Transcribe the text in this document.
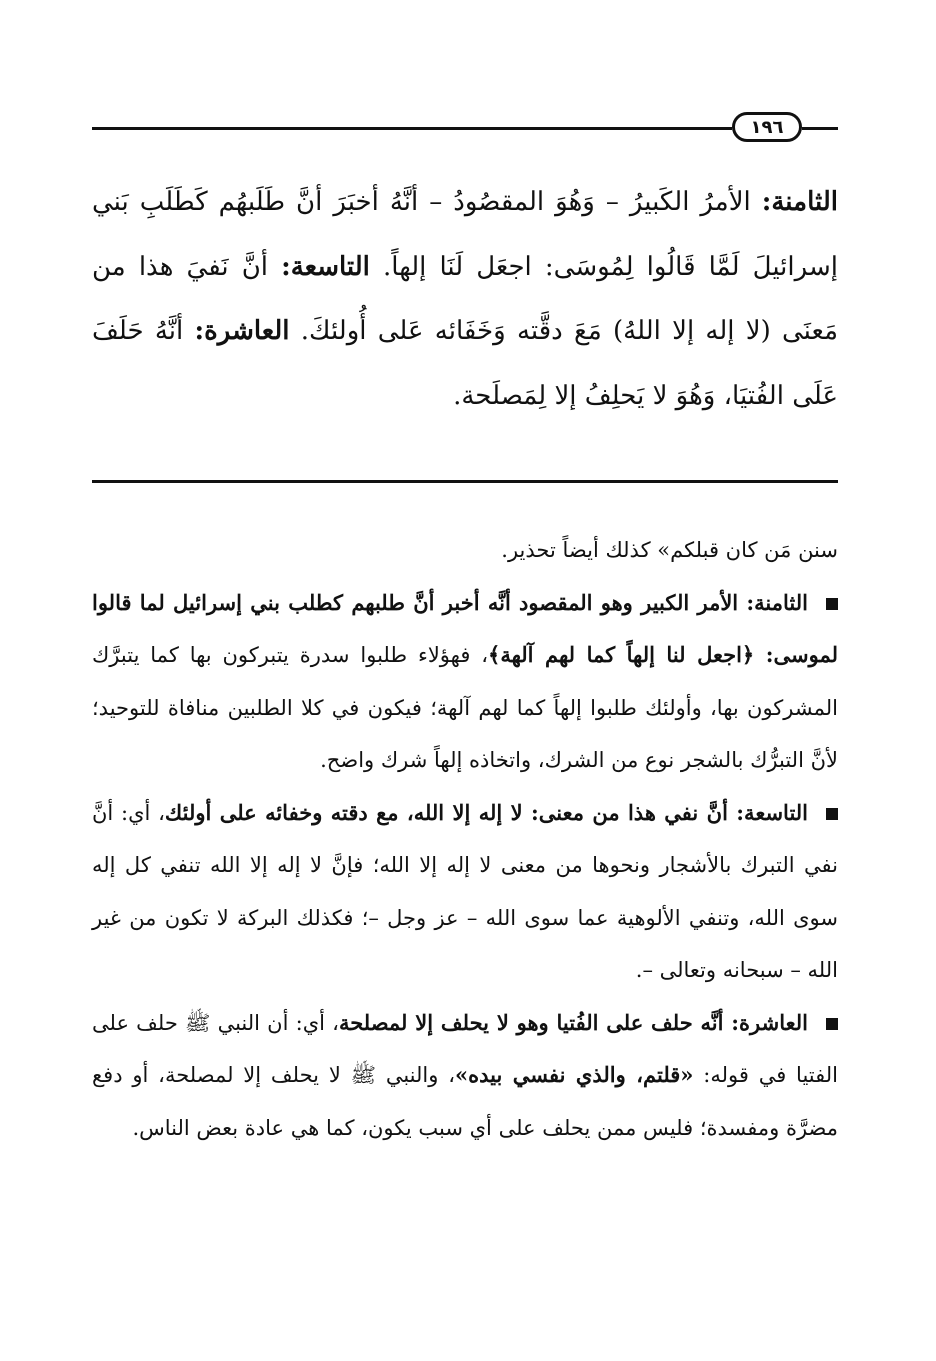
١٩٦

الثامنة: الأمرُ الكَبيرُ – وَهُوَ المقصُودُ – أنَّهُ أخبَرَ أنَّ طَلَبهُم كَطَلَبِ بَني إسرائيلَ لَمَّا قَالُوا لِمُوسَى: اجعَل لَنَا إلهاً. التاسعة: أنَّ نَفيَ هذا من مَعنَى (لا إله إلا اللهُ) مَعَ دقَّته وَخَفَائه عَلى أُولئكَ. العاشرة: أنَّهُ حَلَفَ عَلَى الفُتيَا، وَهُوَ لا يَحلِفُ إلا لِمَصلَحة.

سنن مَن كان قبلكم» كذلك أيضاً تحذير.

الثامنة: الأمر الكبير وهو المقصود أنَّه أخبر أنَّ طلبهم كطلب بني إسرائيل لما قالوا لموسى: ﴿اجعل لنا إلهاً كما لهم آلهة﴾، فهؤلاء طلبوا سدرة يتبركون بها كما يتبرَّك المشركون بها، وأولئك طلبوا إلهاً كما لهم آلهة؛ فيكون في كلا الطلبين منافاة للتوحيد؛ لأنَّ التبرُّك بالشجر نوع من الشرك، واتخاذه إلهاً شرك واضح.

التاسعة: أنَّ نفي هذا من معنى: لا إله إلا الله، مع دقته وخفائه على أولئك، أي: أنَّ نفي التبرك بالأشجار ونحوها من معنى لا إله إلا الله؛ فإنَّ لا إله إلا الله تنفي كل إله سوى الله، وتنفي الألوهية عما سوى الله – عز وجل –؛ فكذلك البركة لا تكون من غير الله – سبحانه وتعالى –.

العاشرة: أنَّه حلف على الفُتيا وهو لا يحلف إلا لمصلحة، أي: أن النبي ﷺ حلف على الفتيا في قوله: «قلتم، والذي نفسي بيده»، والنبي ﷺ لا يحلف إلا لمصلحة، أو دفع مضرَّة ومفسدة؛ فليس ممن يحلف على أي سبب يكون، كما هي عادة بعض الناس.
